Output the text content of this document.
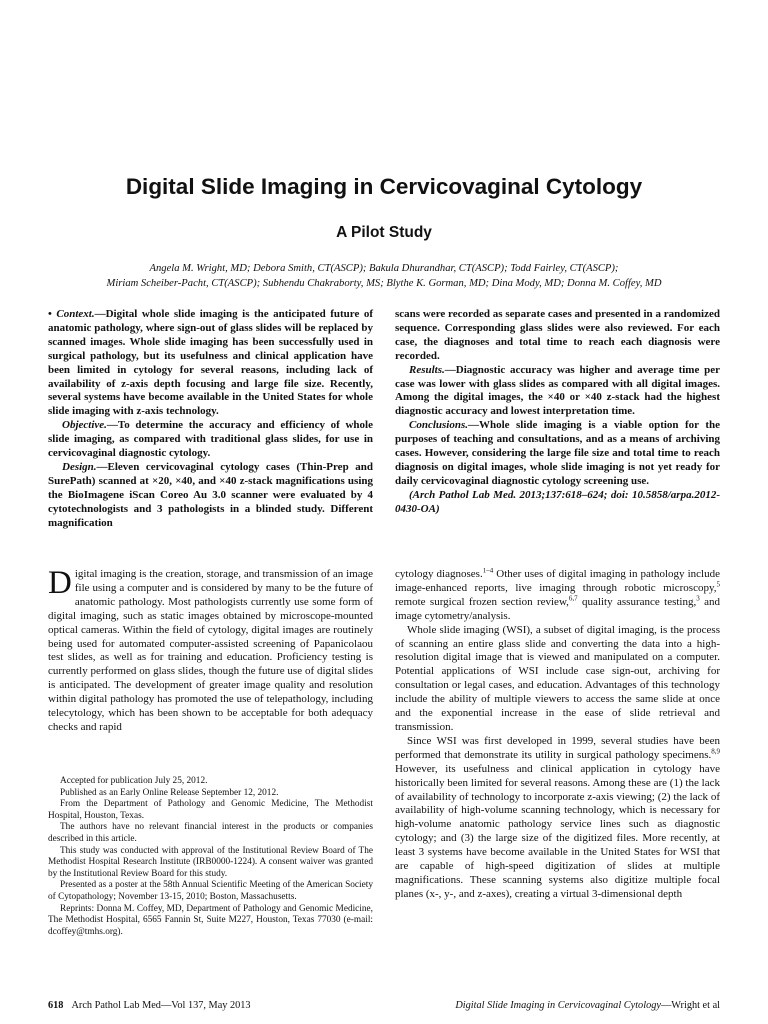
Digital Slide Imaging in Cervicovaginal Cytology
A Pilot Study
Angela M. Wright, MD; Debora Smith, CT(ASCP); Bakula Dhurandhar, CT(ASCP); Todd Fairley, CT(ASCP);
Miriam Scheiber-Pacht, CT(ASCP); Subhendu Chakraborty, MS; Blythe K. Gorman, MD; Dina Mody, MD; Donna M. Coffey, MD

• Context.—Digital whole slide imaging is the anticipated future of anatomic pathology, where sign-out of glass slides will be replaced by scanned images. Whole slide imaging has been successfully used in surgical pathology, but its usefulness and clinical application have been limited in cytology for several reasons, including lack of availability of z-axis depth focusing and large file size. Recently, several systems have become available in the United States for whole slide imaging with z-axis technology.

Objective.—To determine the accuracy and efficiency of whole slide imaging, as compared with traditional glass slides, for use in cervicovaginal diagnostic cytology.

Design.—Eleven cervicovaginal cytology cases (Thin-Prep and SurePath) scanned at ×20, ×40, and ×40 z-stack magnifications using the BioImagene iScan Coreo Au 3.0 scanner were evaluated by 4 cytotechnologists and 3 pathologists in a blinded study. Different magnification

scans were recorded as separate cases and presented in a randomized sequence. Corresponding glass slides were also reviewed. For each case, the diagnoses and total time to reach each diagnosis were recorded.

Results.—Diagnostic accuracy was higher and average time per case was lower with glass slides as compared with all digital images. Among the digital images, the ×40 or ×40 z-stack had the highest diagnostic accuracy and lowest interpretation time.

Conclusions.—Whole slide imaging is a viable option for the purposes of teaching and consultations, and as a means of archiving cases. However, considering the large file size and total time to reach diagnosis on digital images, whole slide imaging is not yet ready for daily cervicovaginal diagnostic cytology screening use.

(Arch Pathol Lab Med. 2013;137:618–624; doi: 10.5858/arpa.2012-0430-OA)

Digital imaging is the creation, storage, and transmission of an image file using a computer and is considered by many to be the future of anatomic pathology. Most pathologists currently use some form of digital imaging, such as static images obtained by microscope-mounted optical cameras. Within the field of cytology, digital images are routinely being used for automated computer-assisted screening of Papanicolaou test slides, as well as for training and education. Proficiency testing is currently performed on glass slides, though the future use of digital slides is anticipated. The development of greater image quality and resolution within digital pathology has promoted the use of telepathology, including telecytology, which has been shown to be acceptable for both adequacy checks and rapid

cytology diagnoses.$^{1-4}$ Other uses of digital imaging in pathology include image-enhanced reports, live imaging through robotic microscopy,$^5$ remote surgical frozen section review,$^{6,7}$ quality assurance testing,$^3$ and image cytometry/analysis.

Whole slide imaging (WSI), a subset of digital imaging, is the process of scanning an entire glass slide and converting the data into a high-resolution digital image that is viewed and manipulated on a computer. Potential applications of WSI include case sign-out, archiving for consultation or legal cases, and education. Advantages of this technology include the ability of multiple viewers to access the same slide at once and the exponential increase in the ease of slide retrieval and transmission.

Since WSI was first developed in 1999, several studies have been performed that demonstrate its utility in surgical pathology specimens.$^{8,9}$ However, its usefulness and clinical application in cytology have historically been limited for several reasons. Among these are (1) the lack of availability of technology to incorporate z-axis viewing; (2) the lack of availability of high-volume scanning technology, which is necessary for high-volume anatomic pathology service lines such as diagnostic cytology; and (3) the large size of the digitized files. More recently, at least 3 systems have become available in the United States for WSI that are capable of high-speed digitization of slides at multiple magnifications. These scanning systems also digitize multiple focal planes (x-, y-, and z-axes), creating a virtual 3-dimensional depth

Accepted for publication July 25, 2012.

Published as an Early Online Release September 12, 2012.

From the Department of Pathology and Genomic Medicine, The Methodist Hospital, Houston, Texas.

The authors have no relevant financial interest in the products or companies described in this article.

This study was conducted with approval of the Institutional Review Board of The Methodist Hospital Research Institute (IRB0000-1224). A consent waiver was granted by the Institutional Review Board for this study.

Presented as a poster at the 58th Annual Scientific Meeting of the American Society of Cytopathology; November 13-15, 2010; Boston, Massachusetts.

Reprints: Donna M. Coffey, MD, Department of Pathology and Genomic Medicine, The Methodist Hospital, 6565 Fannin St, Suite M227, Houston, Texas 77030 (e-mail: dcoffey@tmhs.org).

618 Arch Pathol Lab Med—Vol 137, May 2013	Digital Slide Imaging in Cervicovaginal Cytology—Wright et al
